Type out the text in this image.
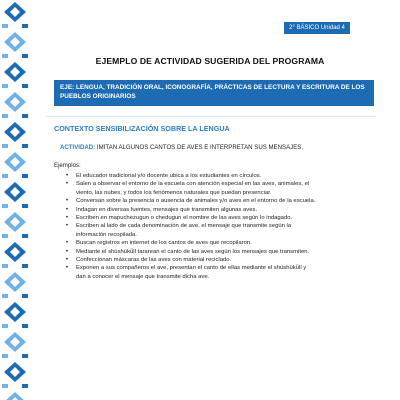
2° BÁSICO Unidad 4
EJEMPLO DE ACTIVIDAD SUGERIDA DEL PROGRAMA
EJE: LENGUA, TRADICIÓN ORAL, ICONOGRAFÍA, PRÁCTICAS DE LECTURA Y ESCRITURA DE LOS
PUEBLOS ORIGINARIOS
CONTEXTO SENSIBILIZACIÓN SOBRE LA LENGUA
ACTIVIDAD: IMITAN ALGUNOS CANTOS DE AVES E INTERPRETAN SUS MENSAJES.
Ejemplos:
• El educador tradicional y/o docente ubica a los estudiantes en círculos.
• Salen a observar el entorno de la escuela con atención especial en las aves, animales, el
viento, las nubes, y todos los fenómenos naturales que puedan presenciar.
• Conversan sobre la presencia o ausencia de animales y/o aves en el entorno de la escuela.
• Indagan en diversas fuentes, mensajes que transmiten algunas aves.
• Escriben en mapuchezugun o chedugun el nombre de las aves según lo indagado.
• Escriben al lado de cada denominación de ave, el mensaje que transmite según la
información recopilada.
• Buscan registros en internet de los cantos de aves que recopilaron.
• Mediante el shüshükü̈ll tararean el canto de las aves según los mensajes que transmiten.
• Confeccionan máscaras de las aves con material reciclado.
• Exponen a sus compañeros el ave, presentan el canto de ellas mediante el shüshükü̈ll y
dan a conocer el mensaje que transmite dicha ave.
